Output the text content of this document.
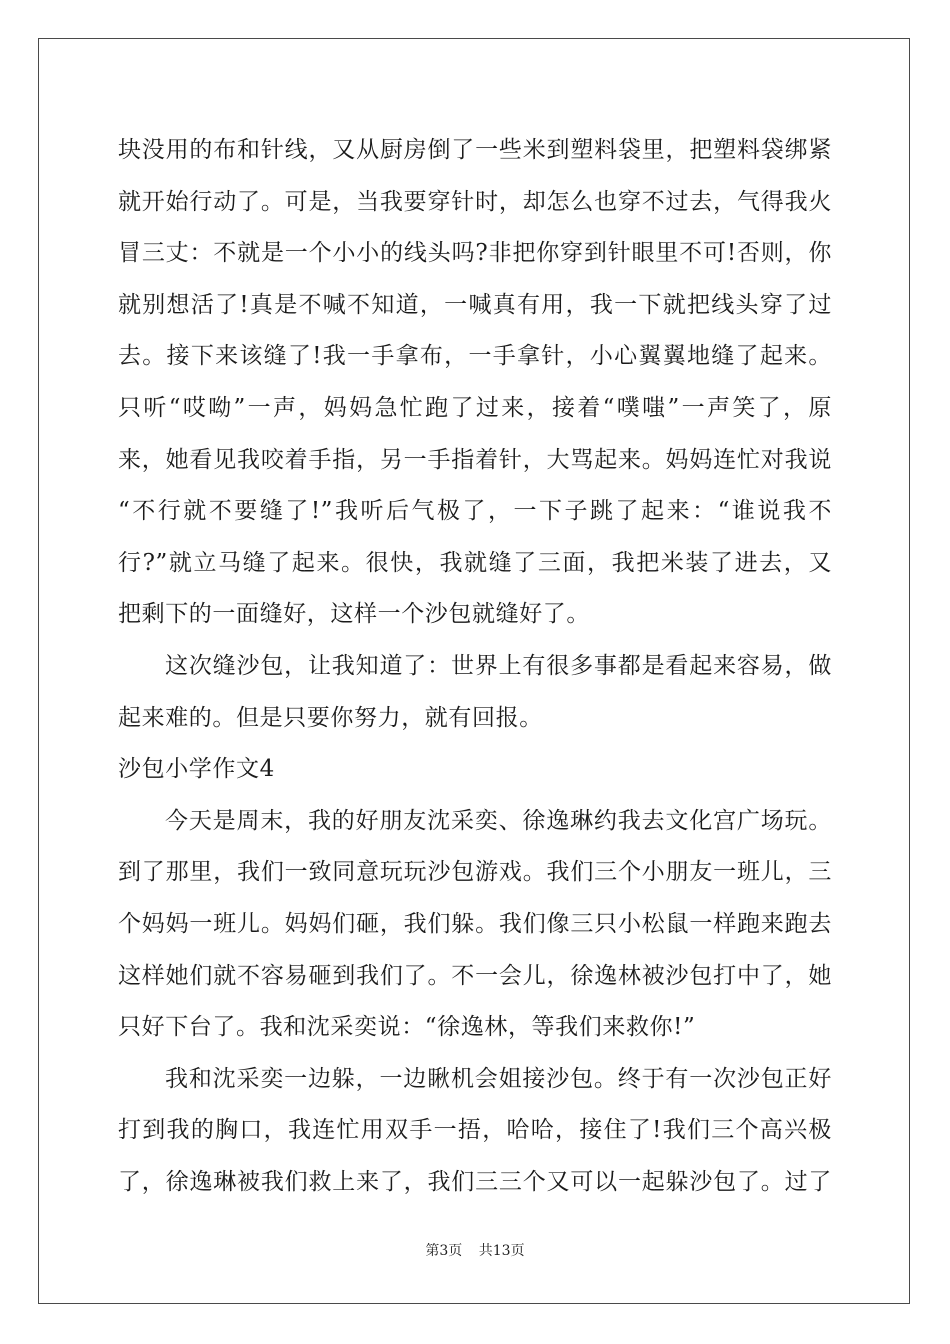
块没用的布和针线，又从厨房倒了一些米到塑料袋里，把塑料袋绑紧
就开始行动了。可是，当我要穿针时，却怎么也穿不过去，气得我火
冒三丈：不就是一个小小的线头吗?非把你穿到针眼里不可!否则，你
就别想活了!真是不喊不知道，一喊真有用，我一下就把线头穿了过
去。接下来该缝了!我一手拿布，一手拿针，小心翼翼地缝了起来。
只听“哎呦”一声，妈妈急忙跑了过来，接着“噗嗤”一声笑了，原
来，她看见我咬着手指，另一手指着针，大骂起来。妈妈连忙对我说
“不行就不要缝了!”我听后气极了，一下子跳了起来：“谁说我不
行?”就立马缝了起来。很快，我就缝了三面，我把米装了进去，又
把剩下的一面缝好，这样一个沙包就缝好了。
这次缝沙包，让我知道了：世界上有很多事都是看起来容易，做
起来难的。但是只要你努力，就有回报。
沙包小学作文4
今天是周末，我的好朋友沈采奕、徐逸琳约我去文化宫广场玩。
到了那里，我们一致同意玩玩沙包游戏。我们三个小朋友一班儿，三
个妈妈一班儿。妈妈们砸，我们躲。我们像三只小松鼠一样跑来跑去
这样她们就不容易砸到我们了。不一会儿，徐逸林被沙包打中了，她
只好下台了。我和沈采奕说：“徐逸林，等我们来救你!”
我和沈采奕一边躲，一边瞅机会姐接沙包。终于有一次沙包正好
打到我的胸口，我连忙用双手一捂，哈哈，接住了!我们三个高兴极
了，徐逸琳被我们救上来了，我们三三个又可以一起躲沙包了。过了
第3页 共13页
